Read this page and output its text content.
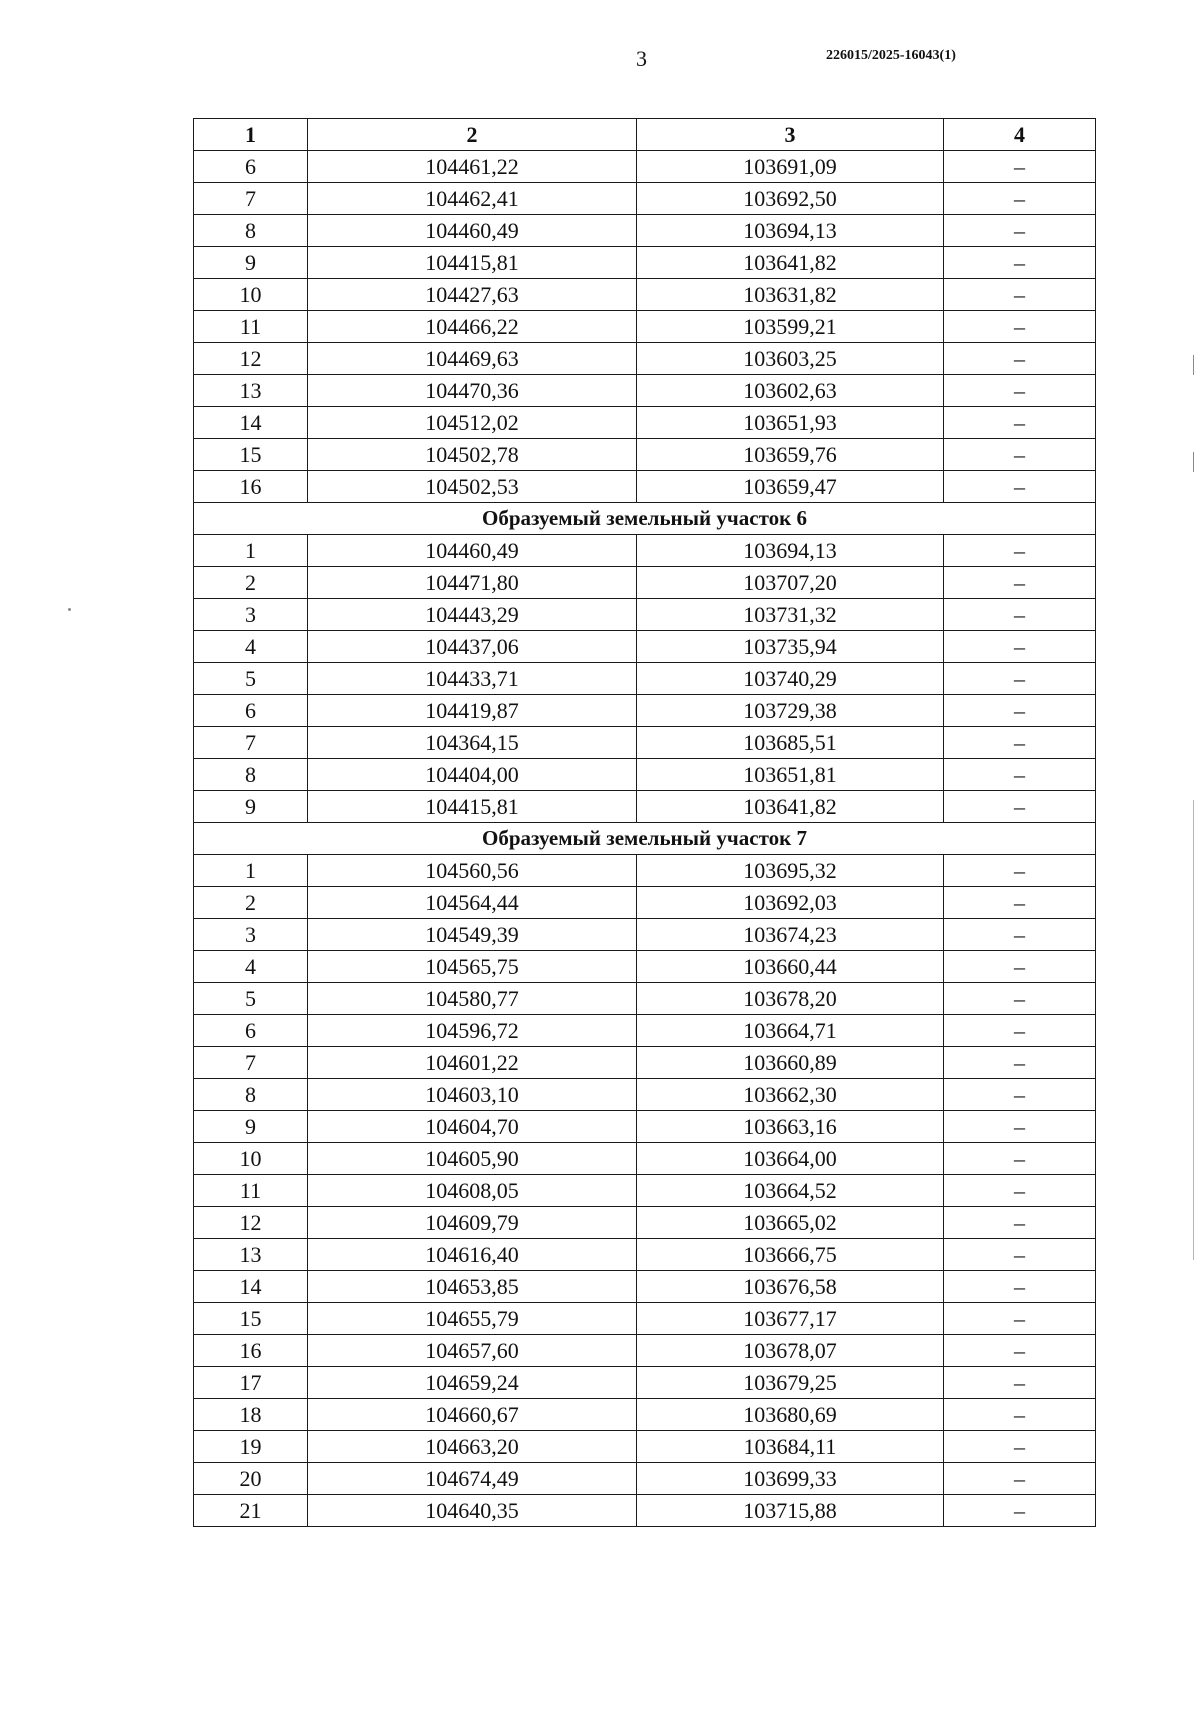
3	226015/2025-16043(1)
1	2	3	4
6	104461,22	103691,09	–
7	104462,41	103692,50	–
8	104460,49	103694,13	–
9	104415,81	103641,82	–
10	104427,63	103631,82	–
11	104466,22	103599,21	–
12	104469,63	103603,25	–
13	104470,36	103602,63	–
14	104512,02	103651,93	–
15	104502,78	103659,76	–
16	104502,53	103659,47	–
Образуемый земельный участок 6			
1	104460,49	103694,13	–
2	104471,80	103707,20	–
3	104443,29	103731,32	–
4	104437,06	103735,94	–
5	104433,71	103740,29	–
6	104419,87	103729,38	–
7	104364,15	103685,51	–
8	104404,00	103651,81	–
9	104415,81	103641,82	–
Образуемый земельный участок 7			
1	104560,56	103695,32	–
2	104564,44	103692,03	–
3	104549,39	103674,23	–
4	104565,75	103660,44	–
5	104580,77	103678,20	–
6	104596,72	103664,71	–
7	104601,22	103660,89	–
8	104603,10	103662,30	–
9	104604,70	103663,16	–
10	104605,90	103664,00	–
11	104608,05	103664,52	–
12	104609,79	103665,02	–
13	104616,40	103666,75	–
14	104653,85	103676,58	–
15	104655,79	103677,17	–
16	104657,60	103678,07	–
17	104659,24	103679,25	–
18	104660,67	103680,69	–
19	104663,20	103684,11	–
20	104674,49	103699,33	–
21	104640,35	103715,88	–
